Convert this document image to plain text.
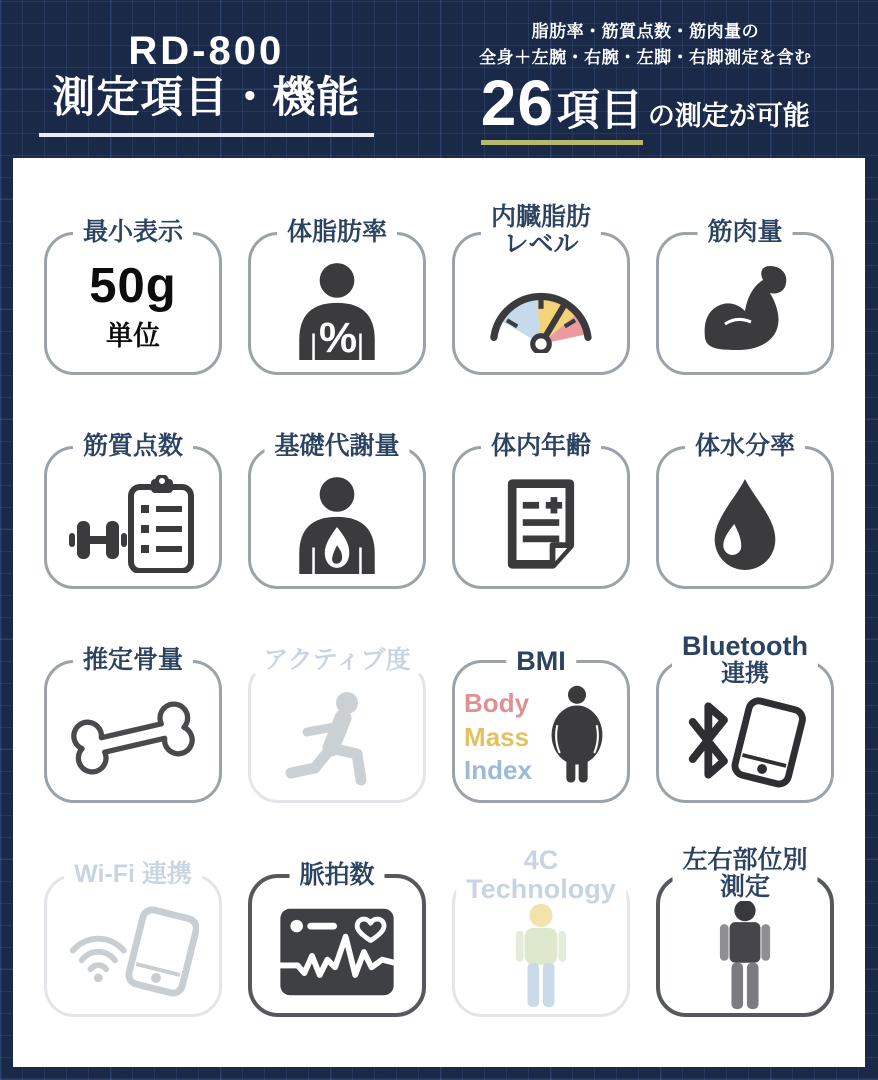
RD-800
測定項目・機能
脂肪率・筋質点数・筋肉量の
全身＋左腕・右腕・左脚・右脚測定を含む
26 項目 の測定が可能
最小表示
50g
単位
体脂肪率
%
内臓脂肪
レベル	筋肉量
筋質点数	基礎代謝量	体内年齢	体水分率
推定骨量	アクティブ度	BMI
Body
Mass
Index
Bluetooth
連携
Wi-Fi 連携	脈拍数	4C
Technology
左右部位別
測定
